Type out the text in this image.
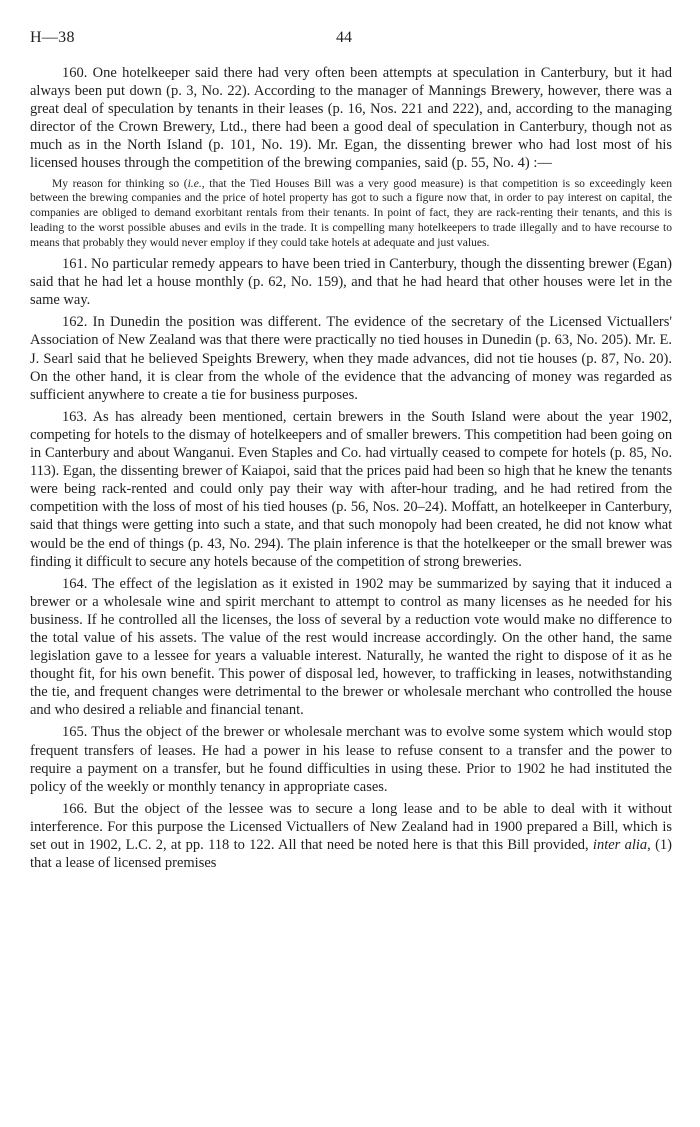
H—38	44

160. One hotelkeeper said there had very often been attempts at speculation in Canterbury, but it had always been put down (p. 3, No. 22). According to the manager of Mannings Brewery, however, there was a great deal of speculation by tenants in their leases (p. 16, Nos. 221 and 222), and, according to the managing director of the Crown Brewery, Ltd., there had been a good deal of speculation in Canterbury, though not as much as in the North Island (p. 101, No. 19). Mr. Egan, the dissenting brewer who had lost most of his licensed houses through the competition of the brewing companies, said (p. 55, No. 4) :—

My reason for thinking so (i.e., that the Tied Houses Bill was a very good measure) is that competition is so exceedingly keen between the brewing companies and the price of hotel property has got to such a figure now that, in order to pay interest on capital, the companies are obliged to demand exorbitant rentals from their tenants. In point of fact, they are rack-renting their tenants, and this is leading to the worst possible abuses and evils in the trade. It is compelling many hotelkeepers to trade illegally and to have recourse to means that probably they would never employ if they could take hotels at adequate and just values.

161. No particular remedy appears to have been tried in Canterbury, though the dissenting brewer (Egan) said that he had let a house monthly (p. 62, No. 159), and that he had heard that other houses were let in the same way.

162. In Dunedin the position was different. The evidence of the secretary of the Licensed Victuallers' Association of New Zealand was that there were practically no tied houses in Dunedin (p. 63, No. 205). Mr. E. J. Searl said that he believed Speights Brewery, when they made advances, did not tie houses (p. 87, No. 20). On the other hand, it is clear from the whole of the evidence that the advancing of money was regarded as sufficient anywhere to create a tie for business purposes.

163. As has already been mentioned, certain brewers in the South Island were about the year 1902, competing for hotels to the dismay of hotelkeepers and of smaller brewers. This competition had been going on in Canterbury and about Wanganui. Even Staples and Co. had virtually ceased to compete for hotels (p. 85, No. 113). Egan, the dissenting brewer of Kaiapoi, said that the prices paid had been so high that he knew the tenants were being rack-rented and could only pay their way with after-hour trading, and he had retired from the competition with the loss of most of his tied houses (p. 56, Nos. 20–24). Moffatt, an hotelkeeper in Canterbury, said that things were getting into such a state, and that such monopoly had been created, he did not know what would be the end of things (p. 43, No. 294). The plain inference is that the hotelkeeper or the small brewer was finding it difficult to secure any hotels because of the competition of strong breweries.

164. The effect of the legislation as it existed in 1902 may be summarized by saying that it induced a brewer or a wholesale wine and spirit merchant to attempt to control as many licenses as he needed for his business. If he controlled all the licenses, the loss of several by a reduction vote would make no difference to the total value of his assets. The value of the rest would increase accordingly. On the other hand, the same legislation gave to a lessee for years a valuable interest. Naturally, he wanted the right to dispose of it as he thought fit, for his own benefit. This power of disposal led, however, to trafficking in leases, notwithstanding the tie, and frequent changes were detrimental to the brewer or wholesale merchant who controlled the house and who desired a reliable and financial tenant.

165. Thus the object of the brewer or wholesale merchant was to evolve some system which would stop frequent transfers of leases. He had a power in his lease to refuse consent to a transfer and the power to require a payment on a transfer, but he found difficulties in using these. Prior to 1902 he had instituted the policy of the weekly or monthly tenancy in appropriate cases.

166. But the object of the lessee was to secure a long lease and to be able to deal with it without interference. For this purpose the Licensed Victuallers of New Zealand had in 1900 prepared a Bill, which is set out in 1902, L.C. 2, at pp. 118 to 122. All that need be noted here is that this Bill provided, inter alia, (1) that a lease of licensed premises
